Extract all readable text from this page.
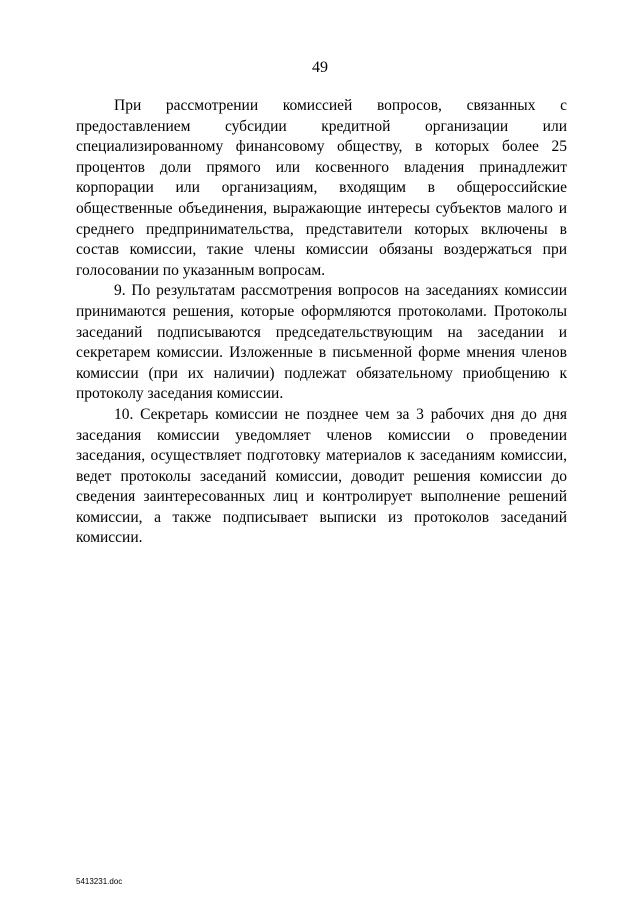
49

При рассмотрении комиссией вопросов, связанных с предоставлением субсидии кредитной организации или специализированному финансовому обществу, в которых более 25 процентов доли прямого или косвенного владения принадлежит корпорации или организациям, входящим в общероссийские общественные объединения, выражающие интересы субъектов малого и среднего предпринимательства, представители которых включены в состав комиссии, такие члены комиссии обязаны воздержаться при голосовании по указанным вопросам.

9. По результатам рассмотрения вопросов на заседаниях комиссии принимаются решения, которые оформляются протоколами. Протоколы заседаний подписываются председательствующим на заседании и секретарем комиссии. Изложенные в письменной форме мнения членов комиссии (при их наличии) подлежат обязательному приобщению к протоколу заседания комиссии.

10. Секретарь комиссии не позднее чем за 3 рабочих дня до дня заседания комиссии уведомляет членов комиссии о проведении заседания, осуществляет подготовку материалов к заседаниям комиссии, ведет протоколы заседаний комиссии, доводит решения комиссии до сведения заинтересованных лиц и контролирует выполнение решений комиссии, а также подписывает выписки из протоколов заседаний комиссии.

5413231.doc
